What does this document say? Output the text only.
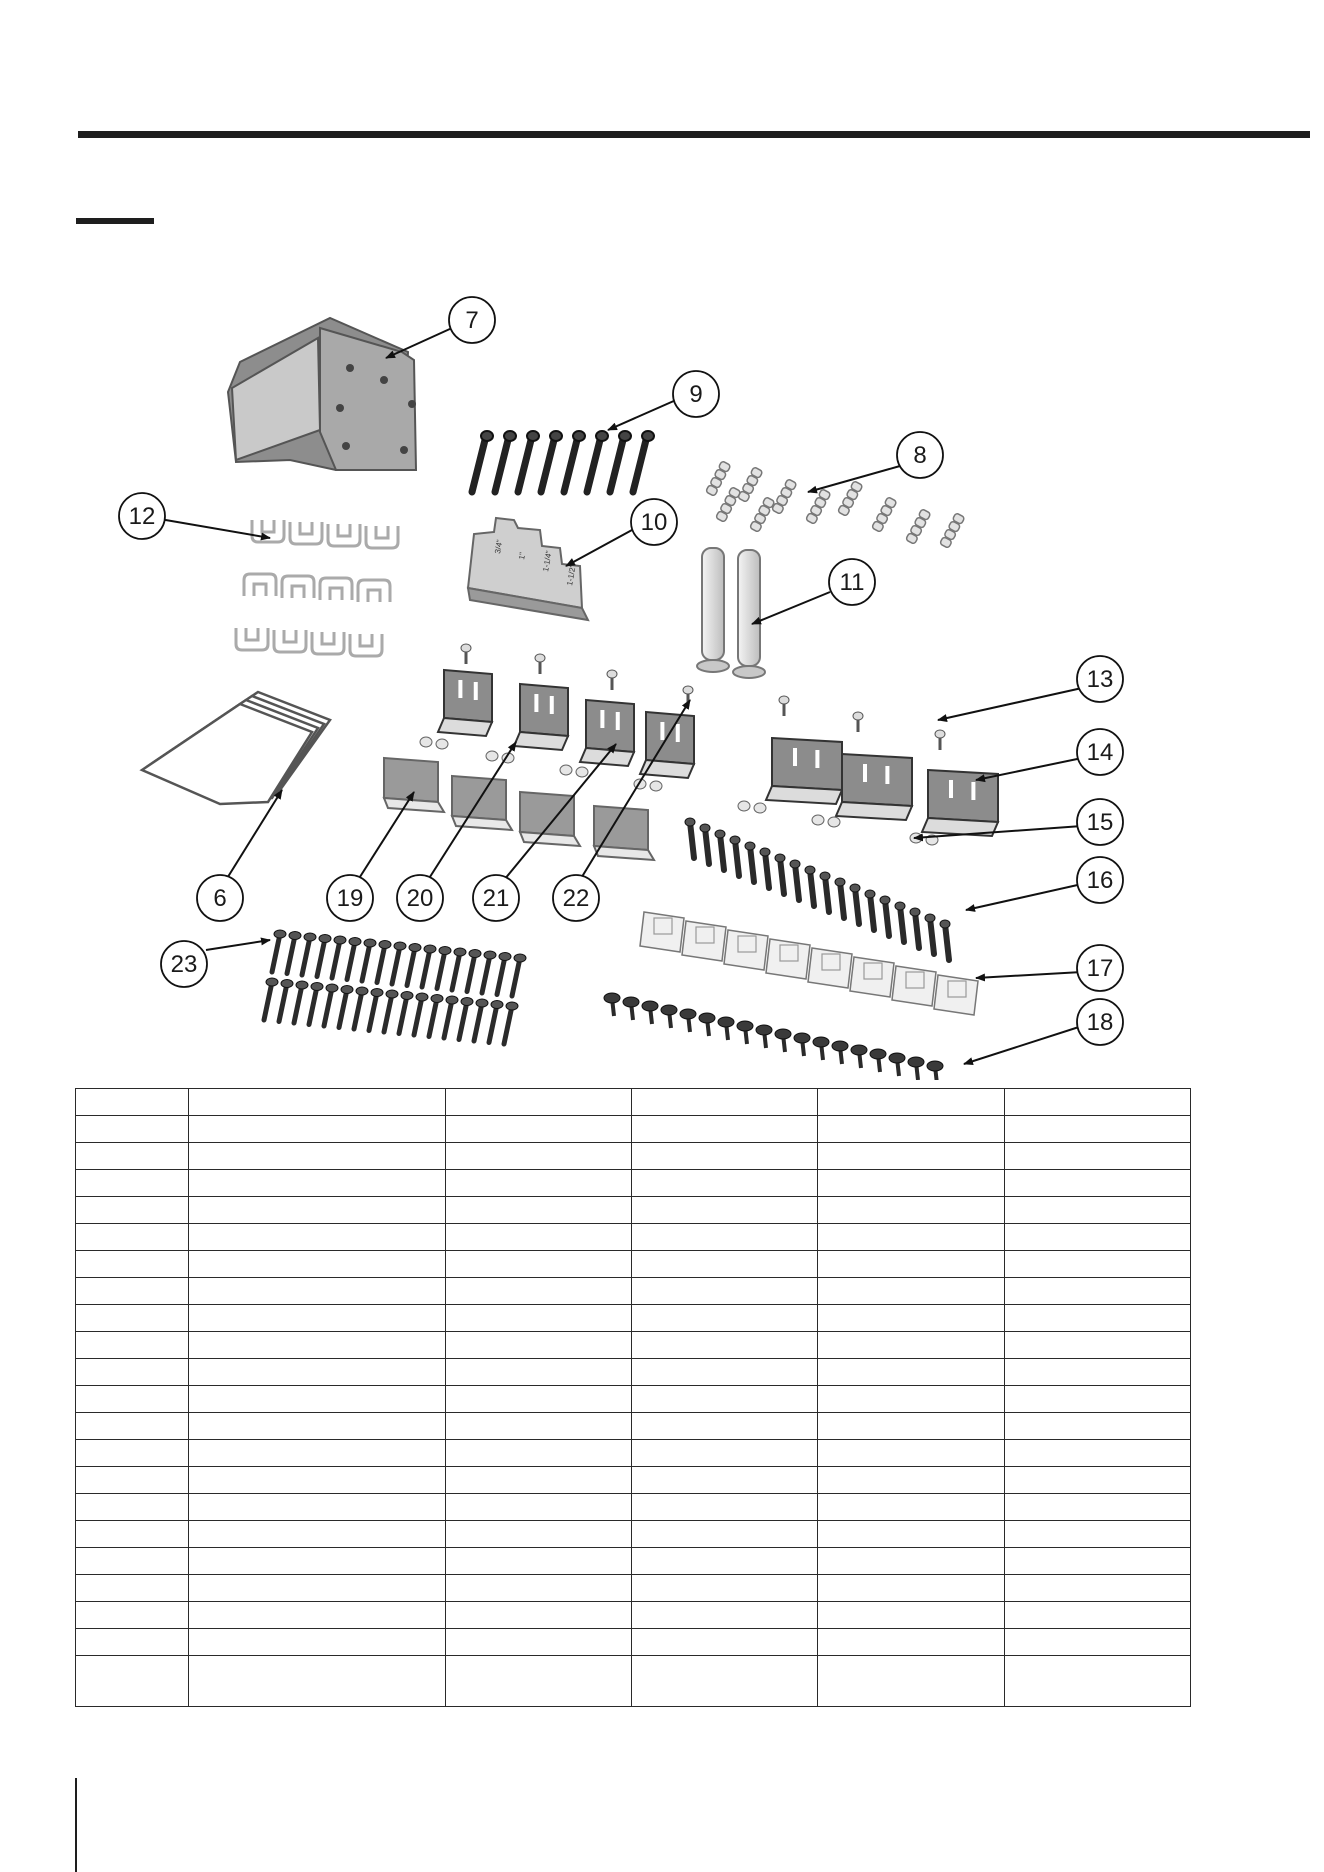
3/4"
1" 1-1/4"
1-1/2"
7
9
8
12	10
11
13
14
15
16
17
18
6	19 20 21 22
23
